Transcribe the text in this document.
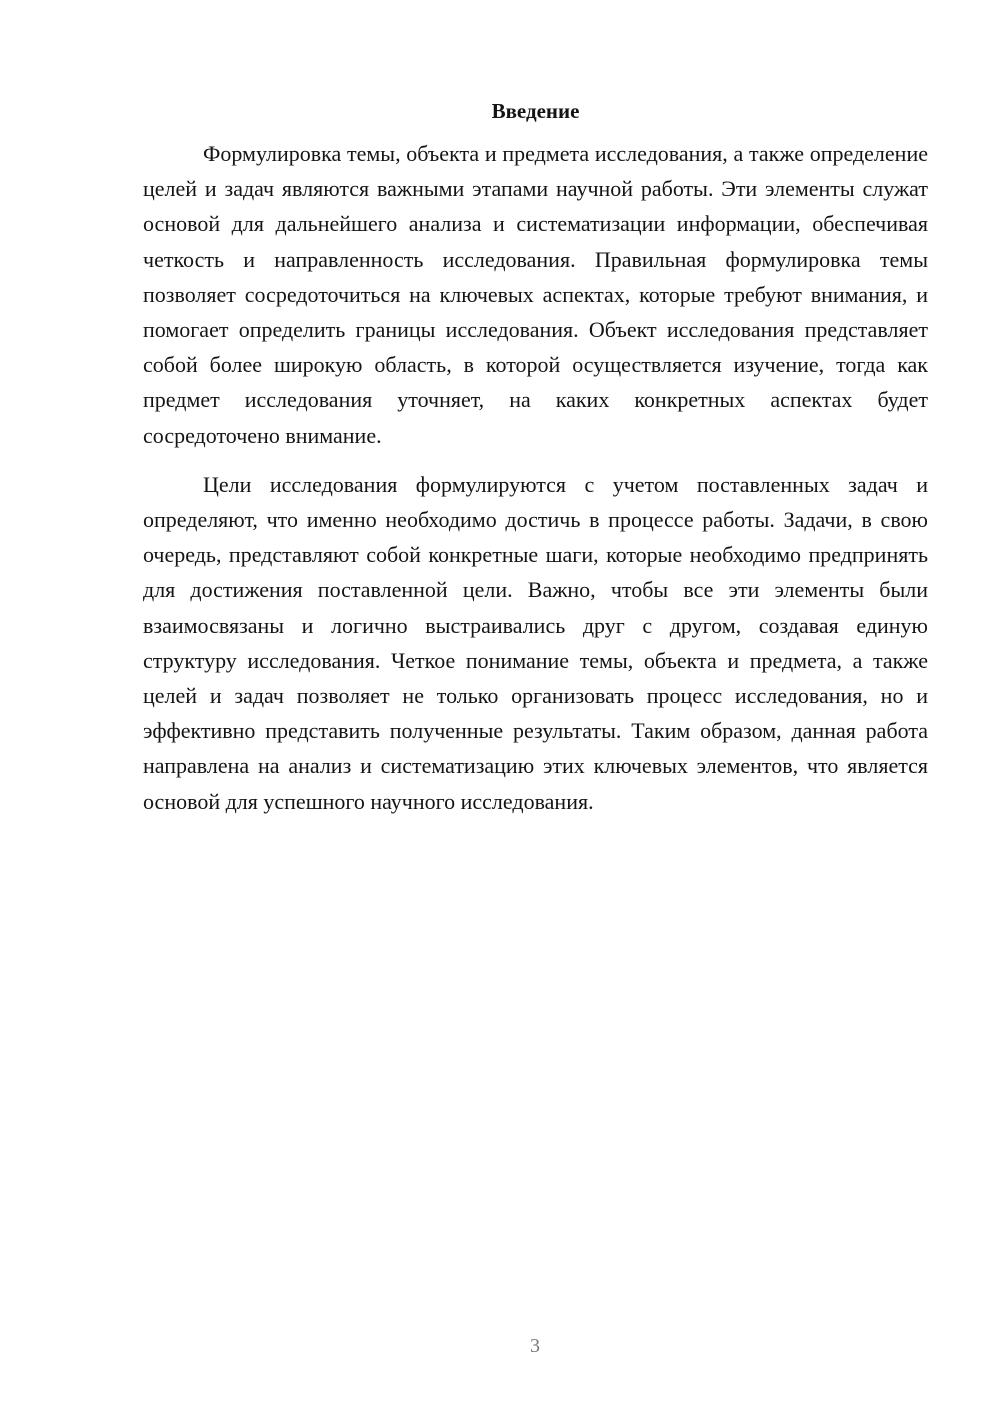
Введение

Формулировка темы, объекта и предмета исследования, а также определение целей и задач являются важными этапами научной работы. Эти элементы служат основой для дальнейшего анализа и систематизации информации, обеспечивая четкость и направленность исследования. Правильная формулировка темы позволяет сосредоточиться на ключевых аспектах, которые требуют внимания, и помогает определить границы исследования. Объект исследования представляет собой более широкую область, в которой осуществляется изучение, тогда как предмет исследования уточняет, на каких конкретных аспектах будет сосредоточено внимание.

Цели исследования формулируются с учетом поставленных задач и определяют, что именно необходимо достичь в процессе работы. Задачи, в свою очередь, представляют собой конкретные шаги, которые необходимо предпринять для достижения поставленной цели. Важно, чтобы все эти элементы были взаимосвязаны и логично выстраивались друг с другом, создавая единую структуру исследования. Четкое понимание темы, объекта и предмета, а также целей и задач позволяет не только организовать процесс исследования, но и эффективно представить полученные результаты. Таким образом, данная работа направлена на анализ и систематизацию этих ключевых элементов, что является основой для успешного научного исследования.

3
